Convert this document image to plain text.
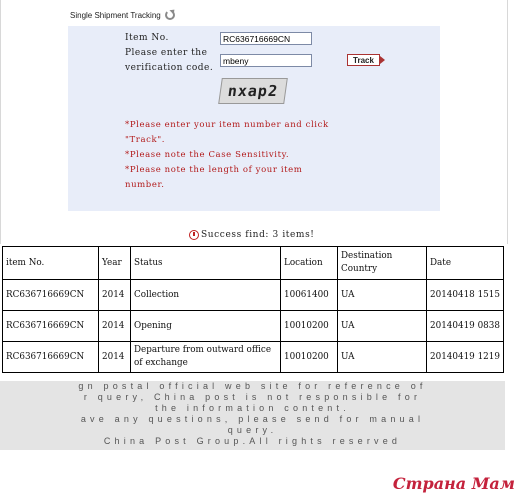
Single Shipment Tracking
Item No.
RC636716669CN
Please enter the
verification code.
mbeny
nxap2
Track

*Please enter your item number and click "Track".

*Please note the Case Sensitivity.

*Please note the length of your item number.

Success find: 3 items!
item No.	Year	Status	Location	Destination Country	Date
RC636716669CN	2014	Collection	10061400	UA	20140418 1515
RC636716669CN	2014	Opening	10010200	UA	20140419 0838
RC636716669CN	2014	Departure from outward office of exchange	10010200	UA	20140419 1219
gn postal official web site for reference of
r query, China post is not responsible for
the information content.
ave any questions, please send for manual
query.
China Post Group.All rights reserved
Страна Мам
